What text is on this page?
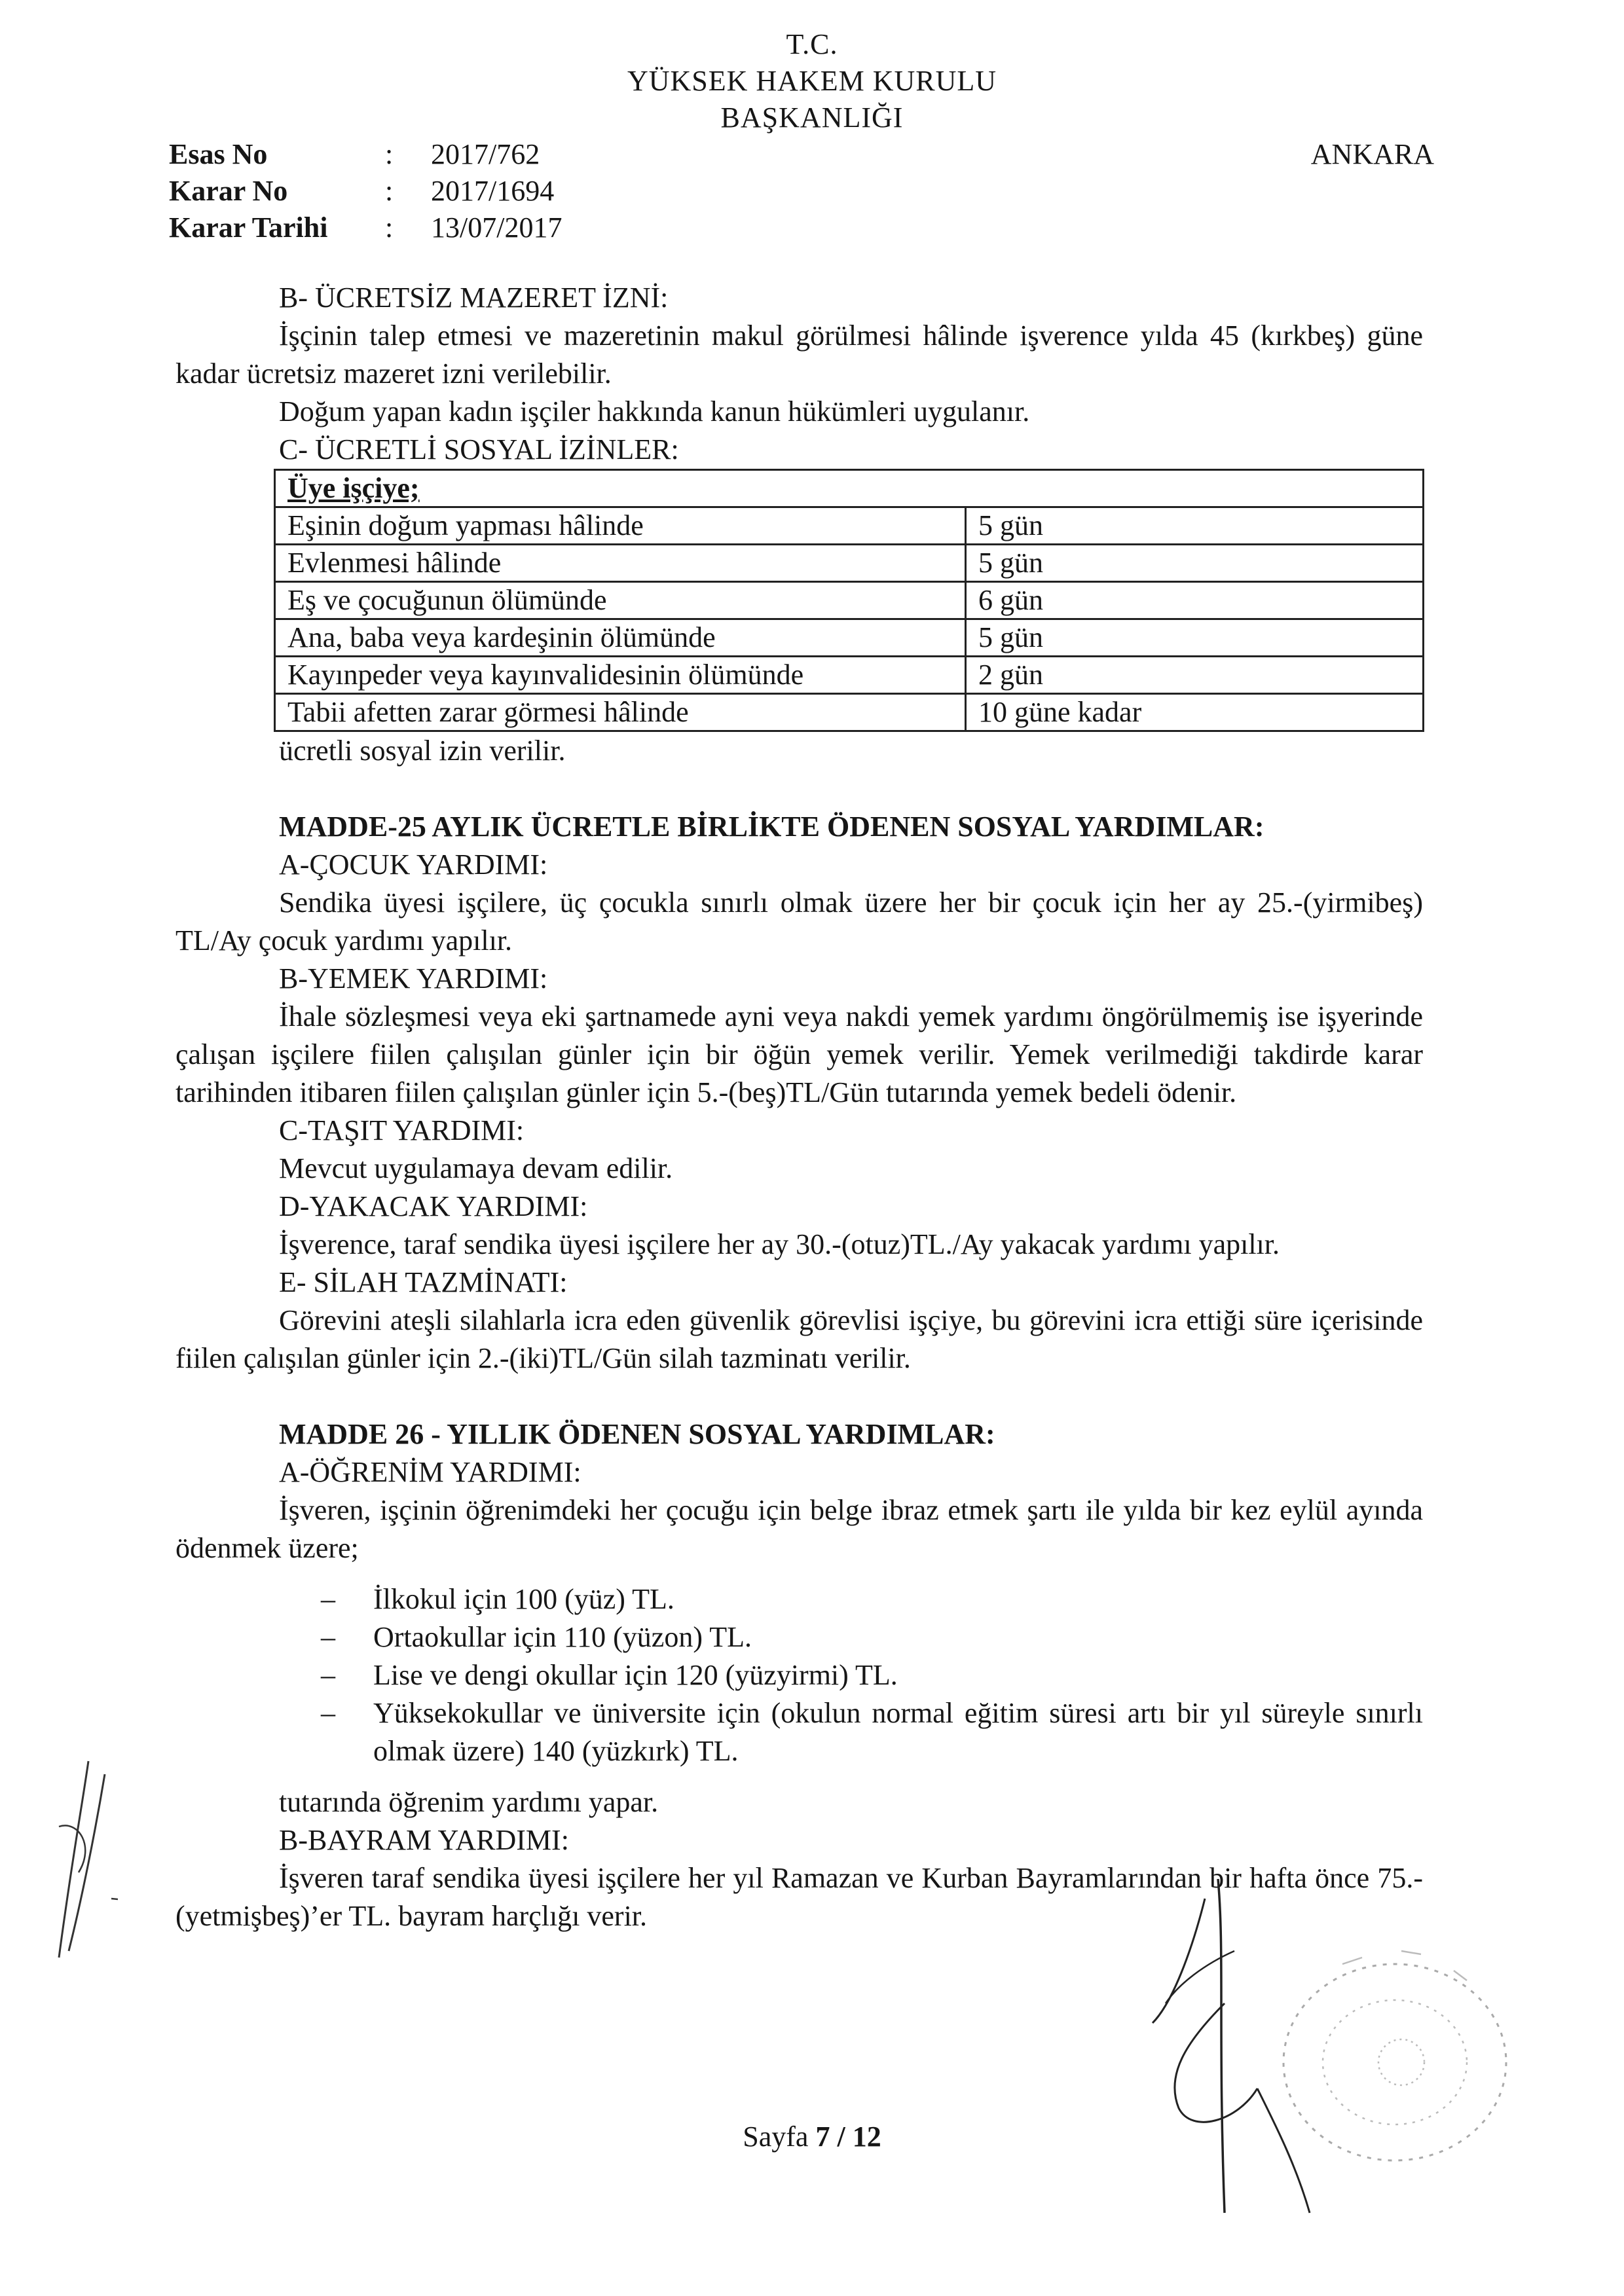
T.C.
YÜKSEK HAKEM KURULU
BAŞKANLIĞI
Esas No	: 2017/762
Karar No	: 2017/1694
Karar Tarihi : 13/07/2017
ANKARA

B- ÜCRETSİZ MAZERET İZNİ:

İşçinin talep etmesi ve mazeretinin makul görülmesi hâlinde işverence yılda 45 (kırkbeş) güne kadar ücretsiz mazeret izni verilebilir.

Doğum yapan kadın işçiler hakkında kanun hükümleri uygulanır.

C- ÜCRETLİ SOSYAL İZİNLER:

Üye işçiye;	
Eşinin doğum yapması hâlinde	5 gün
Evlenmesi hâlinde	5 gün
Eş ve çocuğunun ölümünde	6 gün
Ana, baba veya kardeşinin ölümünde	5 gün
Kayınpeder veya kayınvalidesinin ölümünde	2 gün
Tabii afetten zarar görmesi hâlinde	10 güne kadar

ücretli sosyal izin verilir.

MADDE-25 AYLIK ÜCRETLE BİRLİKTE ÖDENEN SOSYAL YARDIMLAR:

A-ÇOCUK YARDIMI:

Sendika üyesi işçilere, üç çocukla sınırlı olmak üzere her bir çocuk için her ay 25.-(yirmibeş) TL/Ay çocuk yardımı yapılır.

B-YEMEK YARDIMI:

İhale sözleşmesi veya eki şartnamede ayni veya nakdi yemek yardımı öngörülmemiş ise işyerinde çalışan işçilere fiilen çalışılan günler için bir öğün yemek verilir. Yemek verilmediği takdirde karar tarihinden itibaren fiilen çalışılan günler için 5.-(beş)TL/Gün tutarında yemek bedeli ödenir.

C-TAŞIT YARDIMI:

Mevcut uygulamaya devam edilir.

D-YAKACAK YARDIMI:

İşverence, taraf sendika üyesi işçilere her ay 30.-(otuz)TL./Ay yakacak yardımı yapılır.

E- SİLAH TAZMİNATI:

Görevini ateşli silahlarla icra eden güvenlik görevlisi işçiye, bu görevini icra ettiği süre içerisinde fiilen çalışılan günler için 2.-(iki)TL/Gün silah tazminatı verilir.

MADDE 26 - YILLIK ÖDENEN SOSYAL YARDIMLAR:

A-ÖĞRENİM YARDIMI:

İşveren, işçinin öğrenimdeki her çocuğu için belge ibraz etmek şartı ile yılda bir kez eylül ayında ödenmek üzere;

– İlkokul için 100 (yüz) TL.
– Ortaokullar için 110 (yüzon) TL.
– Lise ve dengi okullar için 120 (yüzyirmi) TL.
– Yüksekokullar ve üniversite için (okulun normal eğitim süresi artı bir yıl süreyle sınırlı olmak üzere) 140 (yüzkırk) TL.

tutarında öğrenim yardımı yapar.

B-BAYRAM YARDIMI:

İşveren taraf sendika üyesi işçilere her yıl Ramazan ve Kurban Bayramlarından bir hafta önce 75.-(yetmişbeş)’er TL. bayram harçlığı verir.

Sayfa 7 / 12
